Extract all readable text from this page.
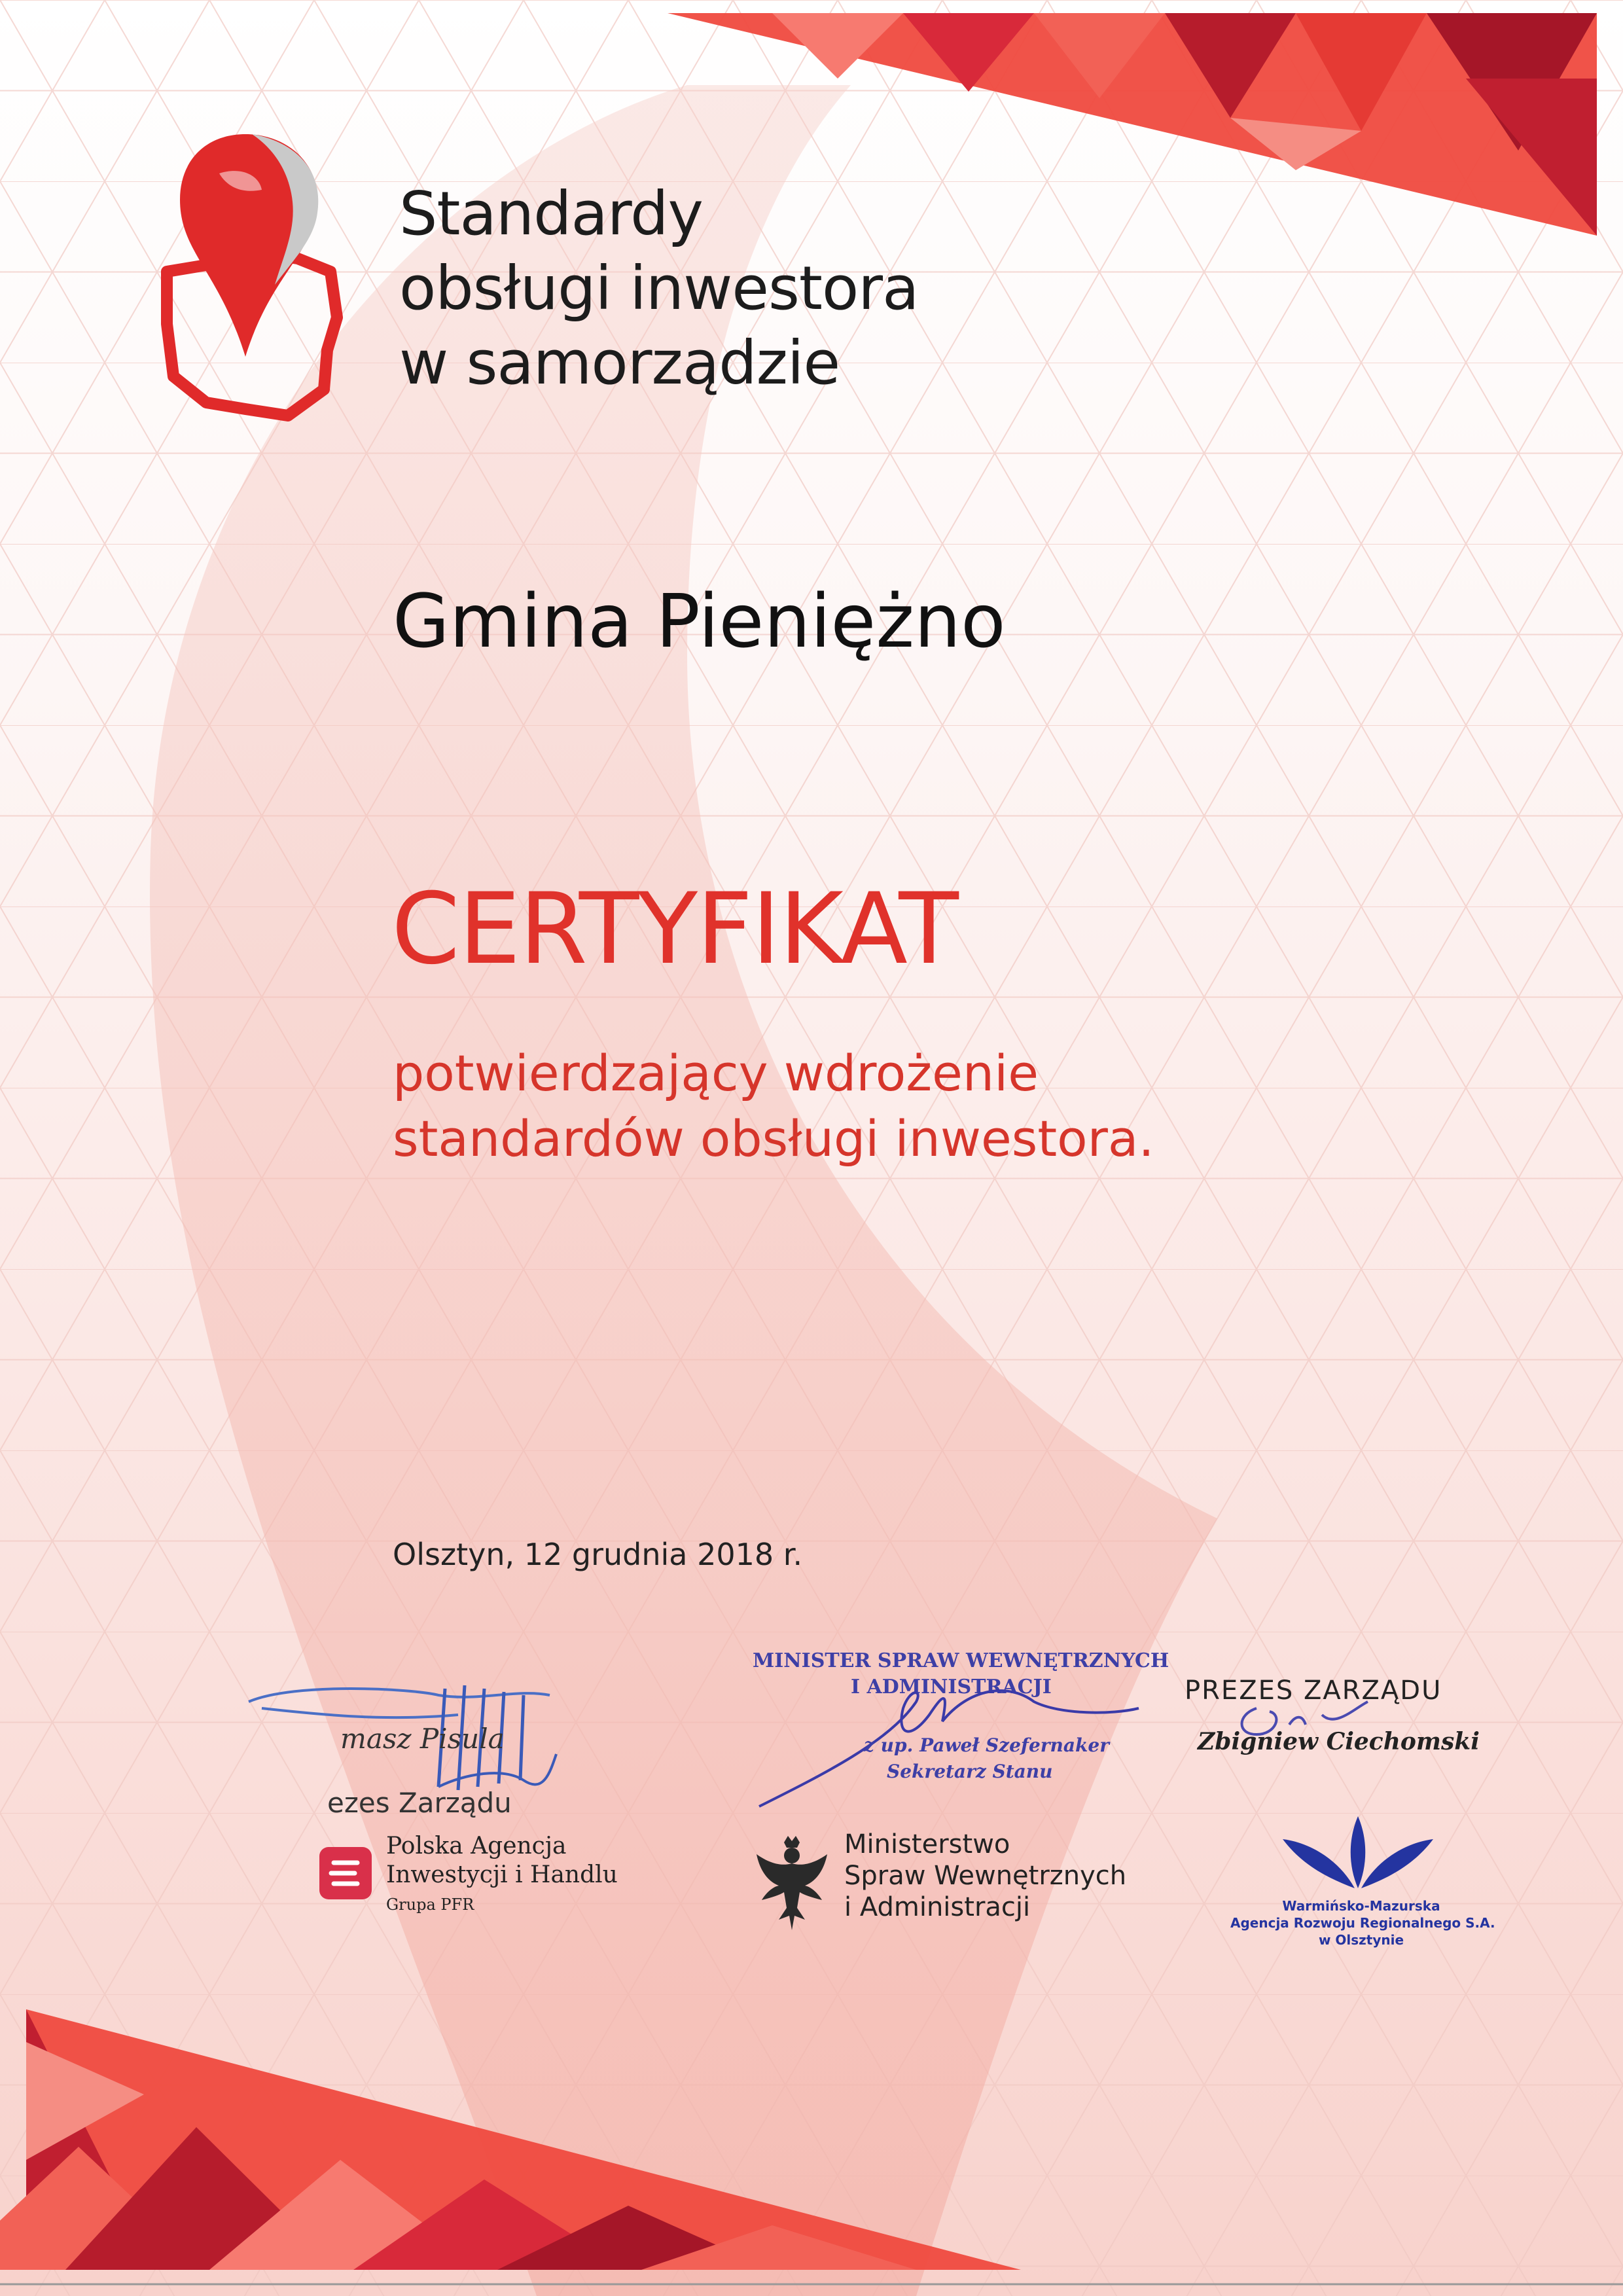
Standardy
obsługi inwestora
w samorządzie
Gmina Pieniężno
CERTYFIKAT

potwierdzający wdrożenie
standardów obsługi inwestora.

Olsztyn, 12 grudnia 2018 r.
masz Pisula
ezes Zarządu
MINISTER SPRAW WEWNĘTRZNYCH
I ADMINISTRACJI
z up. Paweł Szefernaker
Sekretarz Stanu
PREZES ZARZĄDU
Zbigniew Ciechomski
Polska Agencja
Inwestycji i Handlu
Grupa PFR
Ministerstwo
Spraw Wewnętrznych
i Administracji	Warmińsko-Mazurska
Agencja Rozwoju Regionalnego S.A.
w Olsztynie
